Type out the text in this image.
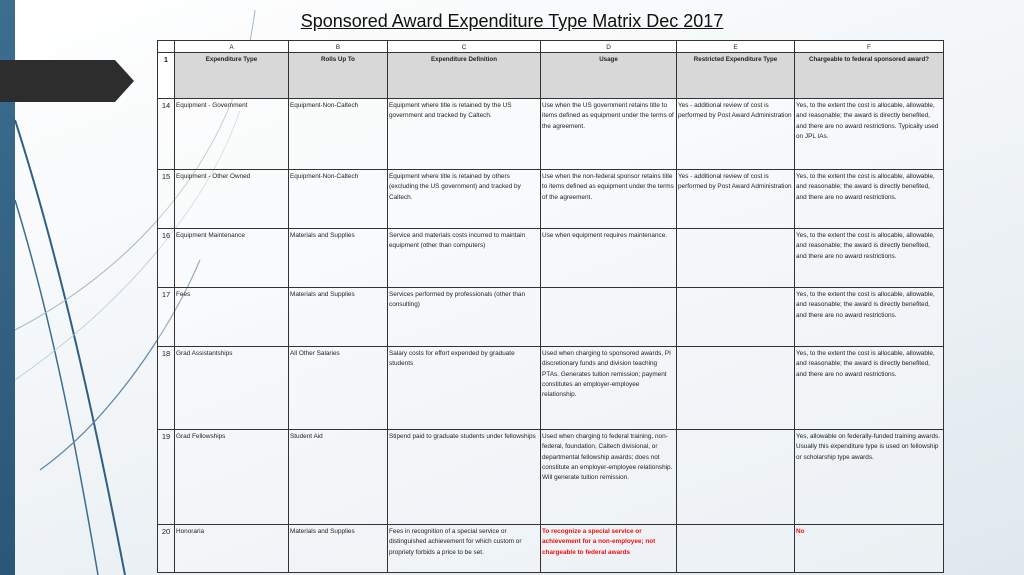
Sponsored Award Expenditure Type Matrix Dec 2017
	A	B	C	D	E	F
1	Expenditure Type	Rolls Up To	Expenditure Definition	Usage	Restricted Expenditure Type	Chargeable to federal sponsored award?
14	Equipment - Government	Equipment-Non-Caltech	Equipment where title is retained by the US government and tracked by Caltech.	Use when the US government retains title to items defined as equipment under the terms of the agreement.	Yes - additional review of cost is performed by Post Award Administration	Yes, to the extent the cost is allocable, allowable, and reasonable; the award is directly benefited, and there are no award restrictions. Typically used on JPL IAs.
15	Equipment - Other Owned	Equipment-Non-Caltech	Equipment where title is retained by others (excluding the US government) and tracked by Caltech.	Use when the non-federal sponsor retains title to items defined as equipment under the terms of the agreement.	Yes - additional review of cost is performed by Post Award Administration	Yes, to the extent the cost is allocable, allowable, and reasonable; the award is directly benefited, and there are no award restrictions.
16	Equipment Maintenance	Materials and Supplies	Service and materials costs incurred to maintain equipment (other than computers)	Use when equipment requires maintenance.		Yes, to the extent the cost is allocable, allowable, and reasonable; the award is directly benefited, and there are no award restrictions.
17	Fees	Materials and Supplies	Services performed by professionals (other than consulting)			Yes, to the extent the cost is allocable, allowable, and reasonable; the award is directly benefited, and there are no award restrictions.
18	Grad Assistantships	All Other Salaries	Salary costs for effort expended by graduate students	Used when charging to sponsored awards, PI discretionary funds and division teaching PTAs. Generates tuition remission; payment constitutes an employer-employee relationship.		Yes, to the extent the cost is allocable, allowable, and reasonable; the award is directly benefited, and there are no award restrictions.
19	Grad Fellowships	Student Aid	Stipend paid to graduate students under fellowships	Used when charging to federal training, non-federal, foundation, Caltech divisional, or departmental fellowship awards; does not constitute an employer-employee relationship. Will generate tuition remission.		Yes, allowable on federally-funded training awards. Usually this expenditure type is used on fellowship or scholarship type awards.
20	Honoraria	Materials and Supplies	Fees in recognition of a special service or distinguished achievement for which custom or propriety forbids a price to be set.	To recognize a special service or achievement for a non-employee; not chargeable to federal awards		No
